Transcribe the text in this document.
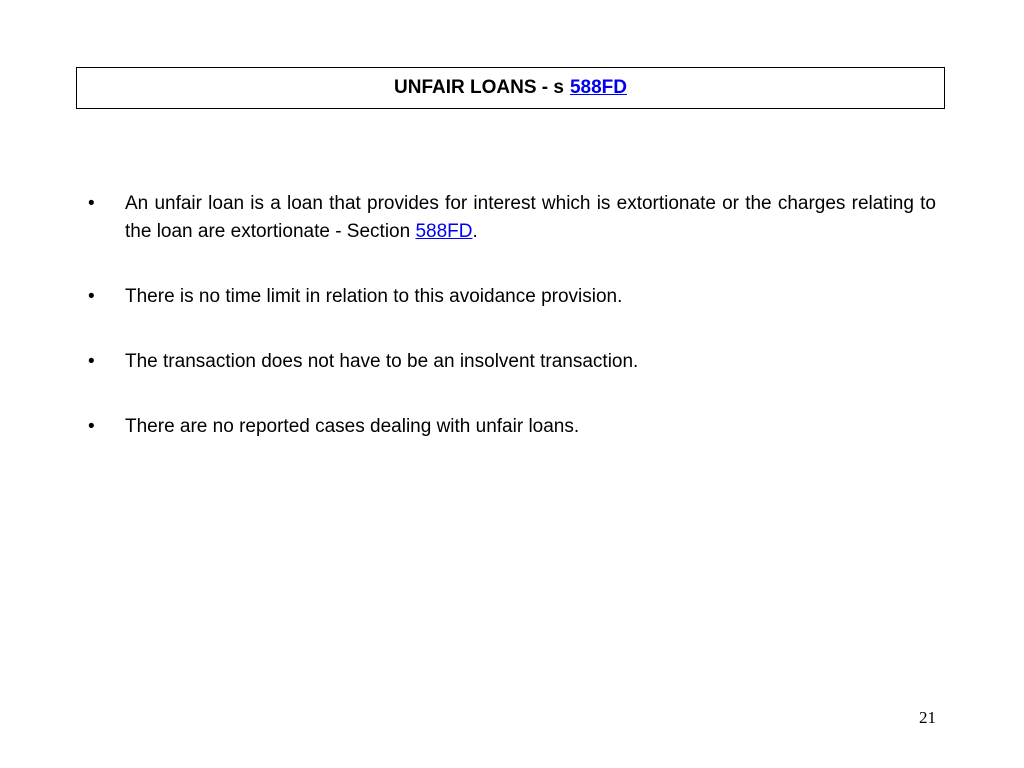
UNFAIR LOANS - s 588FD
• An unfair loan is a loan that provides for interest which is extortionate or the charges relating to the loan are extortionate - Section 588FD.
• There is no time limit in relation to this avoidance provision.
• The transaction does not have to be an insolvent transaction.
• There are no reported cases dealing with unfair loans.
21
